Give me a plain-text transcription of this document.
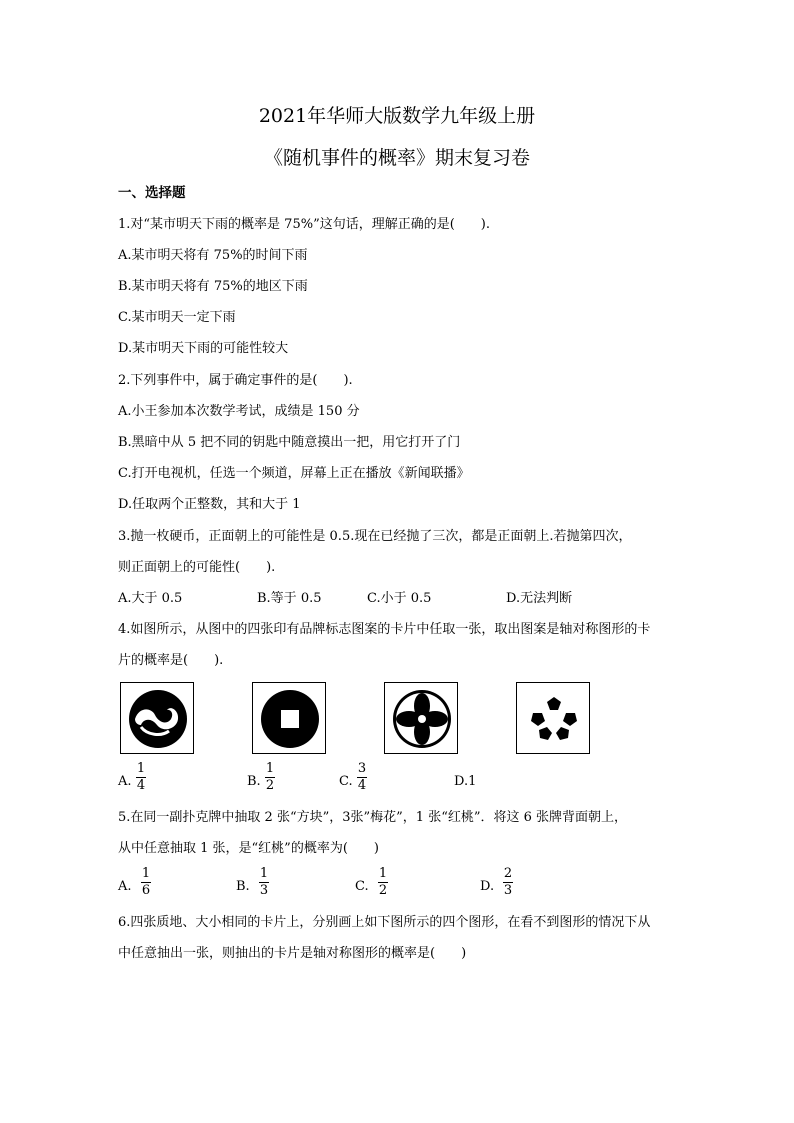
2021年华师大版数学九年级上册
《随机事件的概率》期末复习卷
一、选择题
1.对“某市明天下雨的概率是 75%”这句话，理解正确的是(　　).
A.某市明天将有 75%的时间下雨
B.某市明天将有 75%的地区下雨
C.某市明天一定下雨
D.某市明天下雨的可能性较大
2.下列事件中，属于确定事件的是(　　).
A.小王参加本次数学考试，成绩是 150 分
B.黑暗中从 5 把不同的钥匙中随意摸出一把，用它打开了门
C.打开电视机，任选一个频道，屏幕上正在播放《新闻联播》
D.任取两个正整数，其和大于 1
3.抛一枚硬币，正面朝上的可能性是 0.5.现在已经抛了三次，都是正面朝上.若抛第四次，
则正面朝上的可能性(　　).
A.大于 0.5	B.等于 0.5	C.小于 0.5	D.无法判断
4.如图所示，从图中的四张印有品牌标志图案的卡片中任取一张，取出图案是轴对称图形的卡
片的概率是(　　).
A.
1
4	B.
1
2	C.
3
4	D.1
5.在同一副扑克牌中抽取 2 张“方块”，3张”梅花”，1 张“红桃”．将这 6 张牌背面朝上，
从中任意抽取 1 张，是“红桃”的概率为(　　)
A.
1
6	B.
1
3	C.
1
2	D.
2
3
6.四张质地、大小相同的卡片上，分别画上如下图所示的四个图形，在看不到图形的情况下从
中任意抽出一张，则抽出的卡片是轴对称图形的概率是(　　)
